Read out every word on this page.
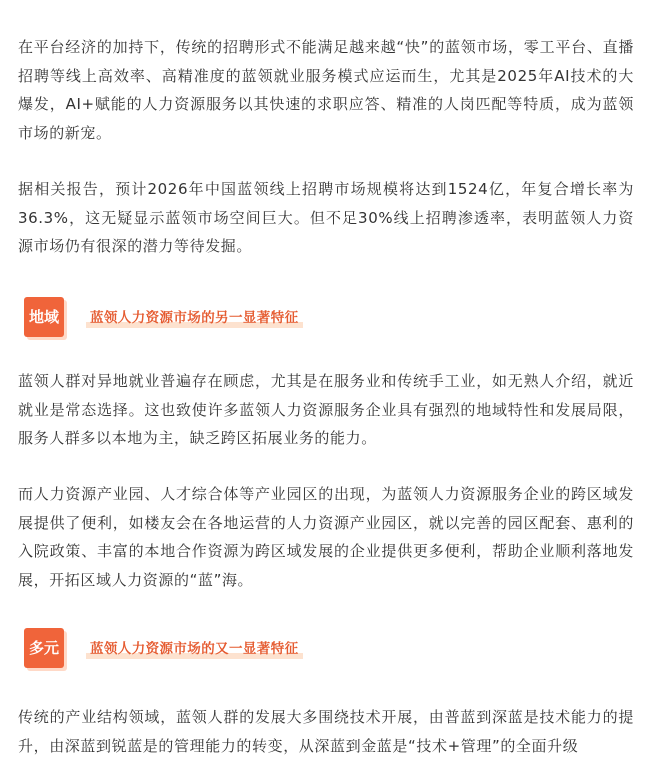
在平台经济的加持下，传统的招聘形式不能满足越来越“快”的蓝领市场，零工平台、直播招聘等线上高效率、高精准度的蓝领就业服务模式应运而生，尤其是2025年AI技术的大爆发，AI+赋能的人力资源服务以其快速的求职应答、精准的人岗匹配等特质，成为蓝领市场的新宠。

据相关报告，预计2026年中国蓝领线上招聘市场规模将达到1524亿，年复合增长率为36.3%，这无疑显示蓝领市场空间巨大。但不足30%线上招聘渗透率，表明蓝领人力资源市场仍有很深的潜力等待发掘。

地域	蓝领人力资源市场的另一显著特征

蓝领人群对异地就业普遍存在顾虑，尤其是在服务业和传统手工业，如无熟人介绍，就近就业是常态选择。这也致使许多蓝领人力资源服务企业具有强烈的地域特性和发展局限，服务人群多以本地为主，缺乏跨区拓展业务的能力。

而人力资源产业园、人才综合体等产业园区的出现，为蓝领人力资源服务企业的跨区域发展提供了便利，如楼友会在各地运营的人力资源产业园区，就以完善的园区配套、惠利的入院政策、丰富的本地合作资源为跨区域发展的企业提供更多便利，帮助企业顺利落地发展，开拓区域人力资源的“蓝”海。

多元	蓝领人力资源市场的又一显著特征

传统的产业结构领域，蓝领人群的发展大多围绕技术开展，由普蓝到深蓝是技术能力的提升，由深蓝到锐蓝是的管理能力的转变，从深蓝到金蓝是“技术+管理”的全面升级
